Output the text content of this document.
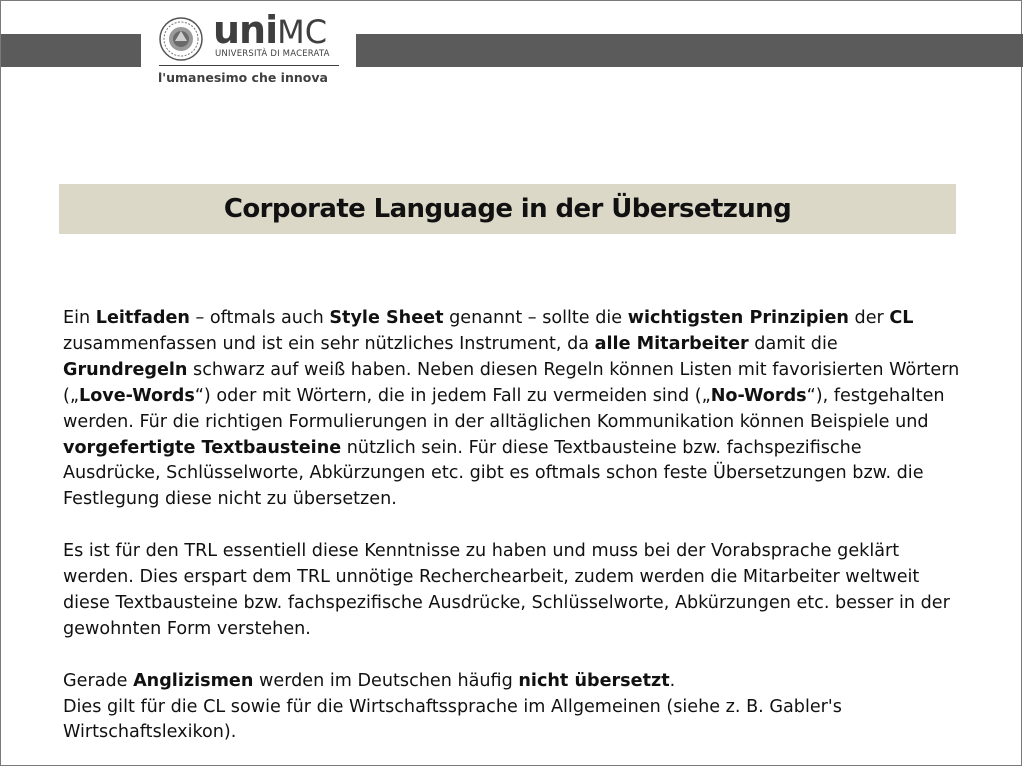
uniMC
UNIVERSITÀ DI MACERATA
l'umanesimo che innova
Corporate Language in der Übersetzung

Ein Leitfaden – oftmals auch Style Sheet genannt – sollte die wichtigsten Prinzipien der CL zusammenfassen und ist ein sehr nützliches Instrument, da alle Mitarbeiter damit die Grundregeln schwarz auf weiß haben. Neben diesen Regeln können Listen mit favorisierten Wörtern („Love-Words“) oder mit Wörtern, die in jedem Fall zu vermeiden sind („No-Words“), festgehalten werden. Für die richtigen Formulierungen in der alltäglichen Kommunikation können Beispiele und vorgefertigte Textbausteine nützlich sein. Für diese Textbausteine bzw. fachspezifische Ausdrücke, Schlüsselworte, Abkürzungen etc. gibt es oftmals schon feste Übersetzungen bzw. die Festlegung diese nicht zu übersetzen.

Es ist für den TRL essentiell diese Kenntnisse zu haben und muss bei der Vorabsprache geklärt werden. Dies erspart dem TRL unnötige Recherchearbeit, zudem werden die Mitarbeiter weltweit diese Textbausteine bzw. fachspezifische Ausdrücke, Schlüsselworte, Abkürzungen etc. besser in der gewohnten Form verstehen.

Gerade Anglizismen werden im Deutschen häufig nicht übersetzt.

Dies gilt für die CL sowie für die Wirtschaftssprache im Allgemeinen (siehe z. B. Gabler's Wirtschaftslexikon).
